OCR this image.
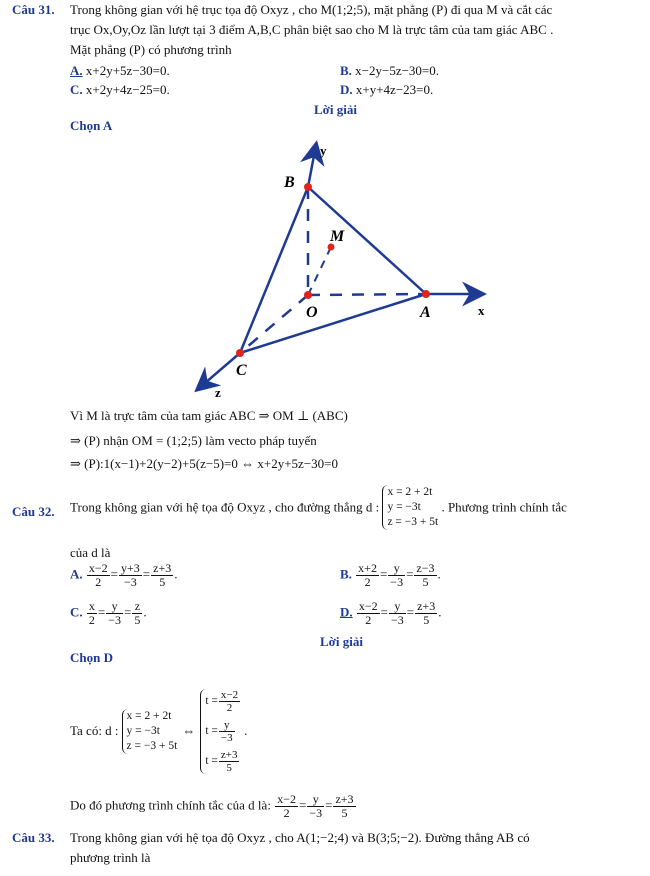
Câu 31. Trong không gian với hệ trục tọa độ Oxyz , cho M(1;2;5), mặt phẳng (P) đi qua M và cắt các
trục Ox,Oy,Oz lần lượt tại 3 điểm A,B,C phân biệt sao cho M là trực tâm của tam giác ABC .
Mặt phẳng (P) có phương trình
A. x+2y+5z−30=0.	B. x−2y−5z−30=0.
C. x+2y+4z−25=0.	D. x+y+4z−23=0.
Lời giải
Chọn A
y
B
M
O	A	x
C
z
Vì M là trực tâm của tam giác ABC ⇒ OM ⊥ (ABC)
⇒ (P) nhận OM = (1;2;5) làm vecto pháp tuyến
⇒ (P):1(x−1)+2(y−2)+5(z−5)=0 ⇔ x+2y+5z−30=0
Câu 32. Trong không gian với hệ tọa độ Oxyz , cho đường thẳng d :
x = 2 + 2t
y = −3t
z = −3 + 5t
. Phương trình chính tắc
của d là
A. $\frac{x-2}{2} = \frac{y+3}{-3} = \frac{z+3}{5}$ .	B. $\frac{x+2}{2} = \frac{y}{-3} = \frac{z-3}{5}$ .
C. $\frac{x}{2} = \frac{y}{-3} = \frac{z}{5}$ .	D. $\frac{x-2}{2} = \frac{y}{-3} = \frac{z+3}{5}$ .
Lời giải
Chọn D
Ta có: d :
x = 2 + 2t
y = −3t
z = −3 + 5t
⇔
$t = \frac{x-2}{2}$
$t = \frac{y}{-3}$
$t = \frac{z+3}{5}$
.
Do đó phương trình chính tắc của d là: $\frac{x-2}{2} = \frac{y}{-3} = \frac{z+3}{5}$
Câu 33. Trong không gian với hệ tọa độ Oxyz , cho A(1;−2;4) và B(3;5;−2). Đường thẳng AB có
phương trình là
